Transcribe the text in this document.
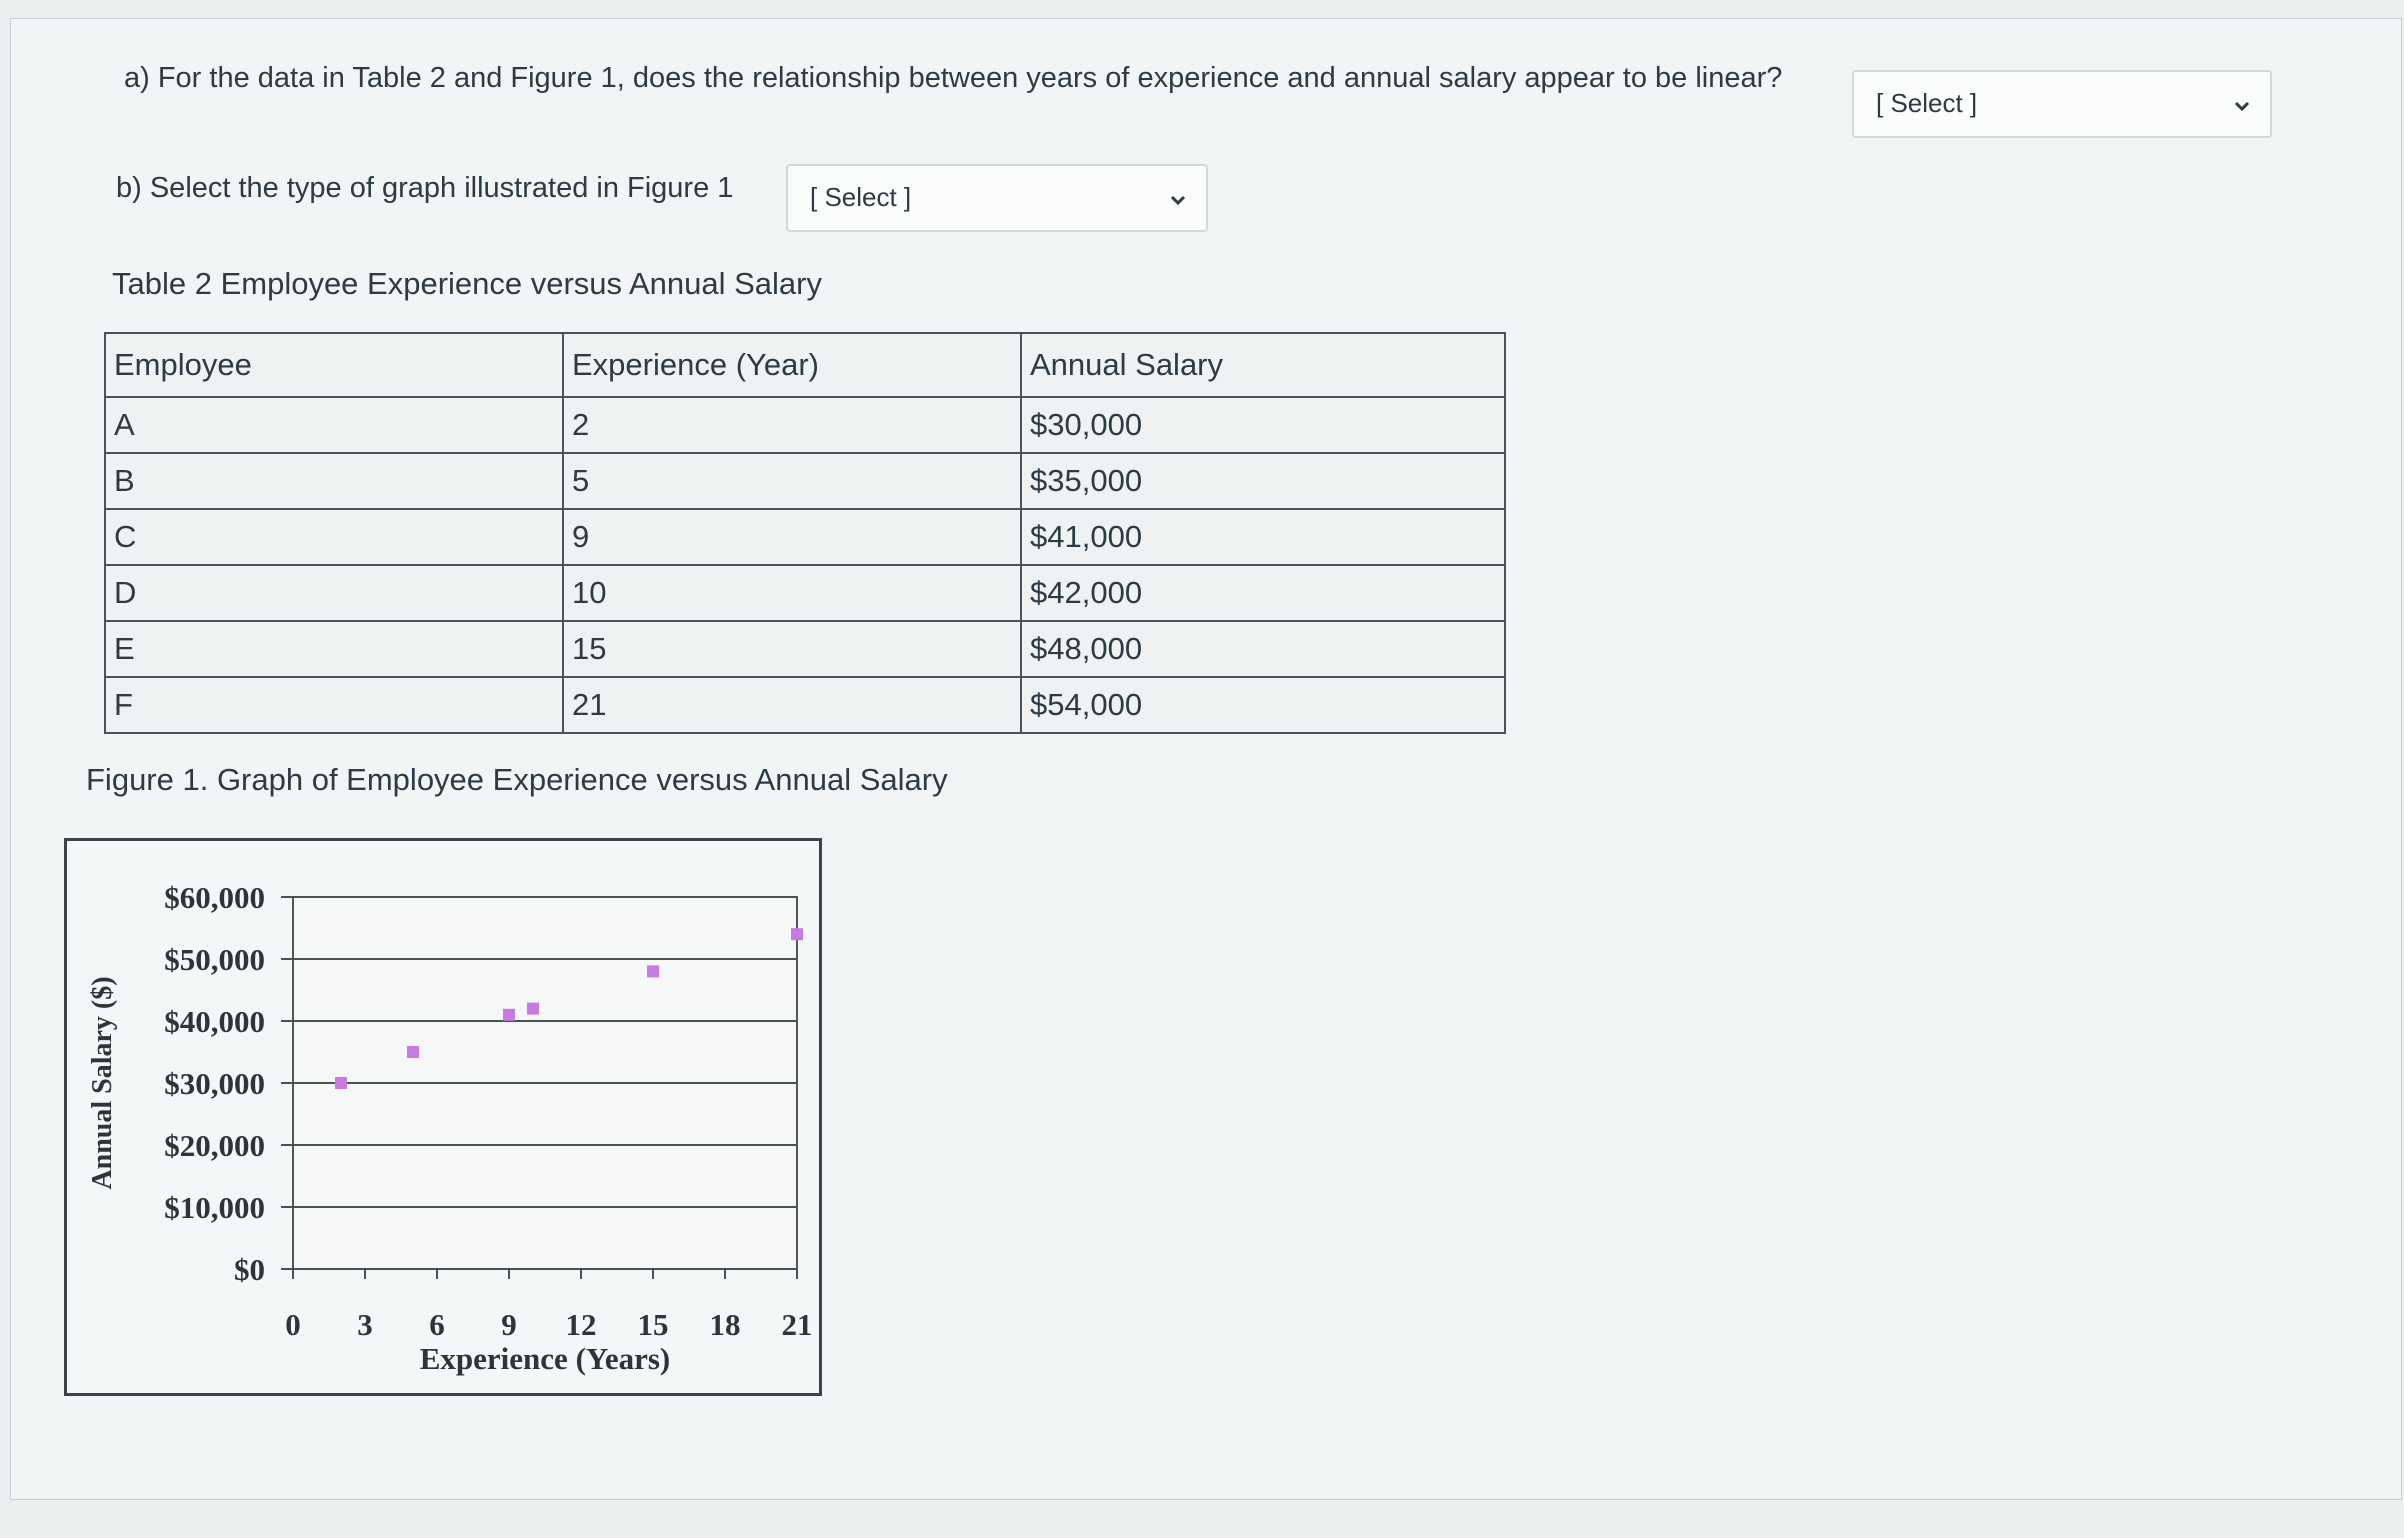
a) For the data in Table 2 and Figure 1, does the relationship between years of experience and annual salary appear to be linear?
[ Select ]
b) Select the type of graph illustrated in Figure 1	[ Select ]
Table 2 Employee Experience versus Annual Salary
Employee	Experience (Year)	Annual Salary
A	2	$30,000
B	5	$35,000
C	9	$41,000
D	10	$42,000
E	15	$48,000
F	21	$54,000
Figure 1. Graph of Employee Experience versus Annual Salary
$0
$10,000
$20,000
$30,000
$40,000
$50,000
$60,000
0 3 6 9 12 15 18 21
Experience (Years)
Annual Salary ($)
